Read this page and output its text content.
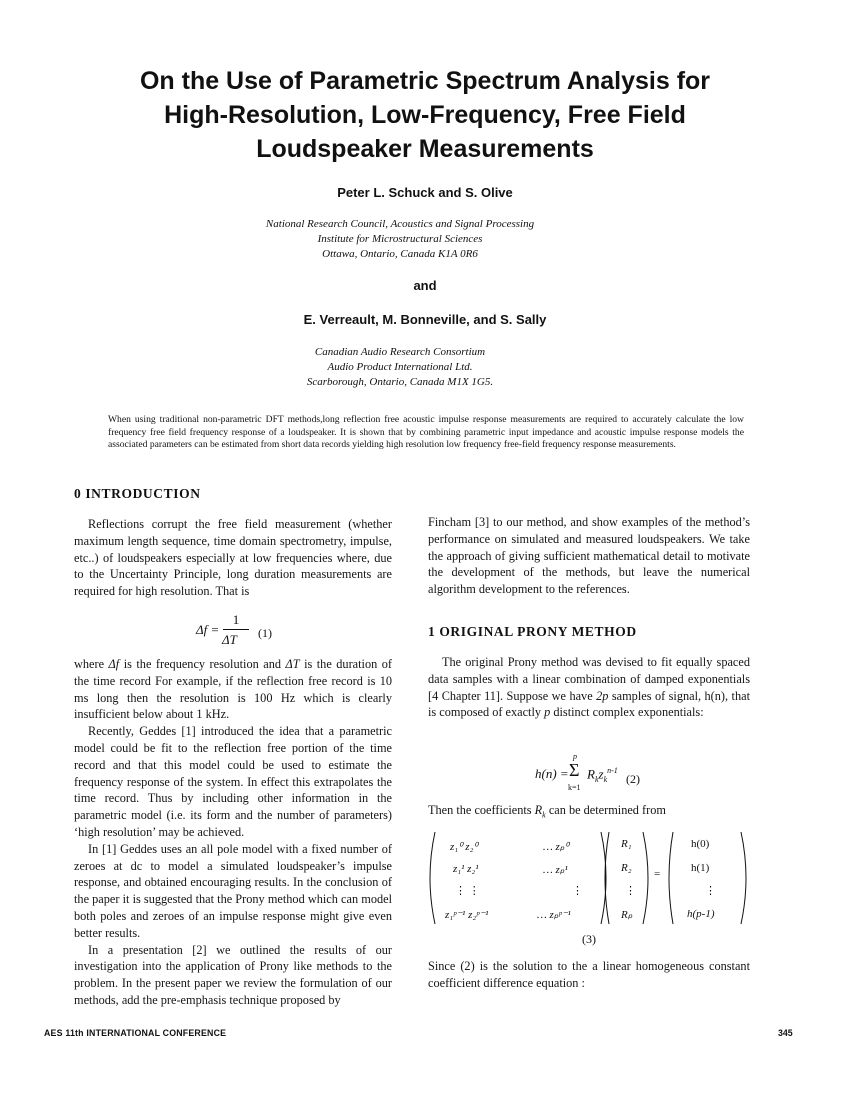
On the Use of Parametric Spectrum Analysis for
High-Resolution, Low-Frequency, Free Field
Loudspeaker Measurements
Peter L. Schuck and S. Olive
National Research Council, Acoustics and Signal Processing
Institute for Microstructural Sciences
Ottawa, Ontario, Canada K1A 0R6
and
E. Verreault, M. Bonneville, and S. Sally
Canadian Audio Research Consortium
Audio Product International Ltd.
Scarborough, Ontario, Canada M1X 1G5.

When using traditional non-parametric DFT methods,long reflection free acoustic impulse response measurements are required to accurately calculate the low frequency free field frequency response of a loudspeaker. It is shown that by combining parametric input impedance and acoustic impulse response models the associated parameters can be estimated from short data records yielding high resolution low frequency free-field frequency response measurements.

0 INTRODUCTION

Reflections corrupt the free field measurement (whether maximum length sequence, time domain spectrometry, impulse, etc..) of loudspeakers especially at low frequencies where, due to the Uncertainty Principle, long duration measurements are required for high resolution. That is

Δf =
1
ΔT (1)

where Δf is the frequency resolution and ΔT is the duration of the time record For example, if the reflection free record is 10 ms long then the resolution is 100 Hz which is clearly insufficient below about 1 kHz.

Recently, Geddes [1] introduced the idea that a parametric model could be fit to the reflection free portion of the time record and that this model could be used to estimate the frequency response of the system. In effect this extrapolates the time record. Thus by including other information in the parametric model (i.e. its form and the number of parameters) ‘high resolution’ may be achieved.

In [1] Geddes uses an all pole model with a fixed number of zeroes at dc to model a simulated loudspeaker’s impulse response, and obtained encouraging results. In the conclusion of the paper it is suggested that the Prony method which can model both poles and zeroes of an impulse response might give even better results.

In a presentation [2] we outlined the results of our investigation into the application of Prony like methods to the problem. In the present paper we review the formulation of our methods, add the pre-emphasis technique proposed by

Fincham [3] to our method, and show examples of the method’s performance on simulated and measured loudspeakers. We take the approach of giving sufficient mathematical detail to motivate the development of the methods, but leave the numerical algorithm development to the references.

1 ORIGINAL PRONY METHOD

The original Prony method was devised to fit equally spaced data samples with a linear combination of damped exponentials [4 Chapter 11]. Suppose we have 2p samples of signal, h(n), that is composed of exactly p distinct complex exponentials:

h(n) =
p
Σ
k=1
$R_kz_k^{n-1}$
(2)

Then the coefficients $R_k$ can be determined from

z₁⁰ z₂⁰	… zₚ⁰	R₁	h(0)
z₁¹ z₂¹	… zₚ¹	R₂	h(1)
⋮ ⋮	⋮	⋮	⋮
z₁ᵖ⁻¹ z₂ᵖ⁻¹	… zₚᵖ⁻¹	Rₚ	h(p-1)
=
(3)

Since (2) is the solution to the a linear homogeneous constant coefficient difference equation :

AES 11th INTERNATIONAL CONFERENCE	345
